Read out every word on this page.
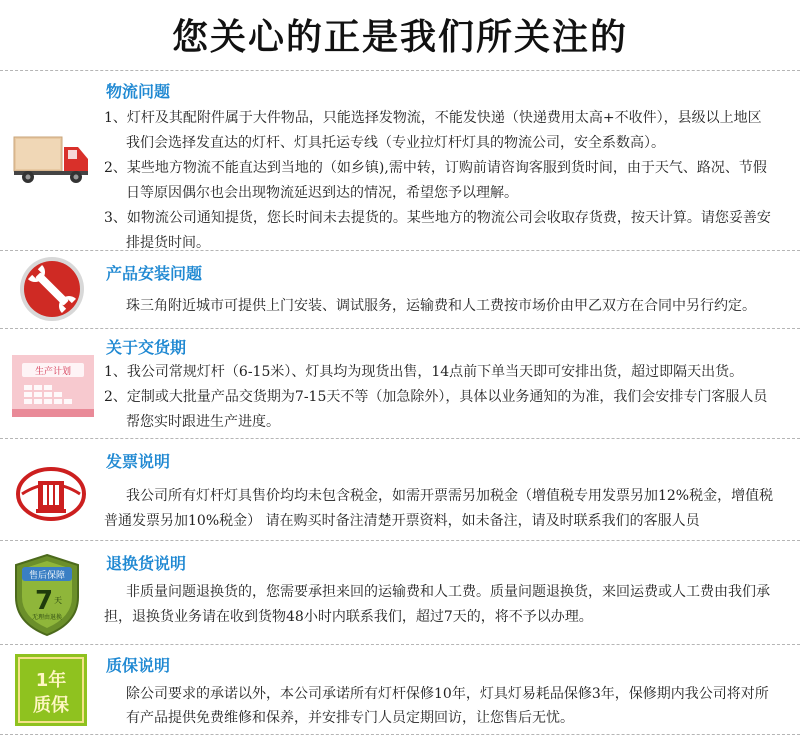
您关心的正是我们所关注的
物流问题
1、灯杆及其配附件属于大件物品，只能选择发物流，不能发快递（快递费用太高+不收件），县级以上地区
我们会选择发直达的灯杆、灯具托运专线（专业拉灯杆灯具的物流公司，安全系数高）。
2、某些地方物流不能直达到当地的（如乡镇),需中转，订购前请咨询客服到货时间，由于天气、路况、节假
日等原因偶尔也会出现物流延迟到达的情况，希望您予以理解。
3、如物流公司通知提货，您长时间未去提货的。某些地方的物流公司会收取存货费，按天计算。请您妥善安
排提货时间。
产品安装问题
珠三角附近城市可提供上门安装、调试服务，运输费和人工费按市场价由甲乙双方在合同中另行约定。
生产计划
关于交货期
1、我公司常规灯杆（6-15米）、灯具均为现货出售，14点前下单当天即可安排出货，超过即隔天出货。
2、定制或大批量产品交货期为7-15天不等（加急除外），具体以业务通知的为准，我们会安排专门客服人员
帮您实时跟进生产进度。
发票说明
我公司所有灯杆灯具售价均均未包含税金，如需开票需另加税金（增值税专用发票另加12%税金，增值税
普通发票另加10%税金） 请在购买时备注清楚开票资料，如未备注，请及时联系我们的客服人员
售后保障
7 天
无理由退换
退换货说明
非质量问题退换货的，您需要承担来回的运输费和人工费。质量问题退换货，来回运费或人工费由我们承
担，退换货业务请在收到货物48小时内联系我们，超过7天的，将不予以办理。
1年
质保
质保说明
除公司要求的承诺以外，本公司承诺所有灯杆保修10年，灯具灯易耗品保修3年，保修期内我公司将对所
有产品提供免费维修和保养，并安排专门人员定期回访，让您售后无忧。
